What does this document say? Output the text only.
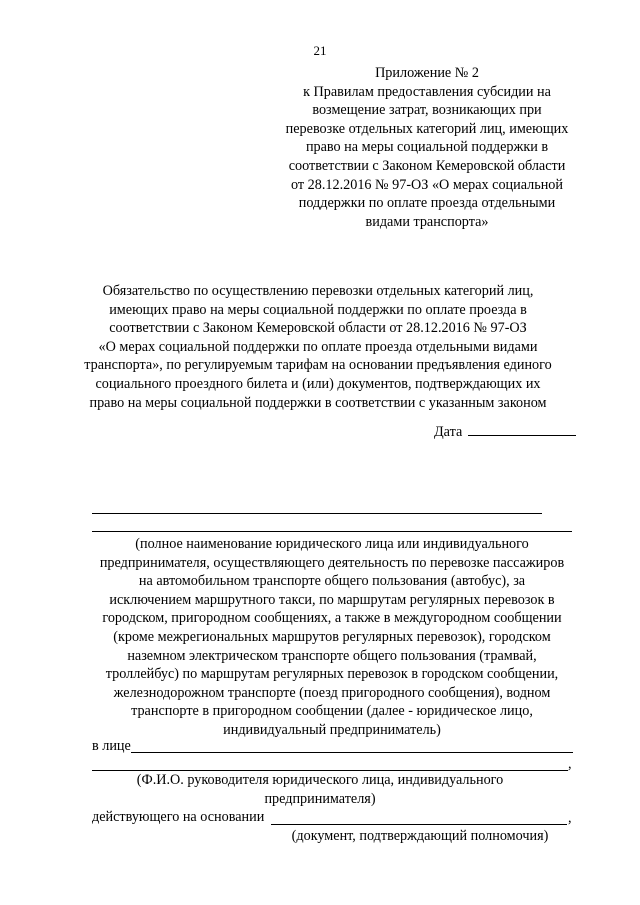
21
Приложение № 2
к Правилам предоставления субсидии на
возмещение затрат, возникающих при
перевозке отдельных категорий лиц, имеющих
право на меры социальной поддержки в
соответствии с Законом Кемеровской области
от 28.12.2016 № 97-ОЗ «О мерах социальной
поддержки по оплате проезда отдельными
видами транспорта»
Обязательство по осуществлению перевозки отдельных категорий лиц,
имеющих право на меры социальной поддержки по оплате проезда в
соответствии с Законом Кемеровской области от 28.12.2016 № 97-ОЗ
«О мерах социальной поддержки по оплате проезда отдельными видами
транспорта», по регулируемым тарифам на основании предъявления единого
социального проездного билета и (или) документов, подтверждающих их
право на меры социальной поддержки в соответствии с указанным законом
Дата
(полное наименование юридического лица или индивидуального
предпринимателя, осуществляющего деятельность по перевозке пассажиров
на автомобильном транспорте общего пользования (автобус), за
исключением маршрутного такси, по маршрутам регулярных перевозок в
городском, пригородном сообщениях, а также в междугородном сообщении
(кроме межрегиональных маршрутов регулярных перевозок), городском
наземном электрическом транспорте общего пользования (трамвай,
троллейбус) по маршрутам регулярных перевозок в городском сообщении,
железнодорожном транспорте (поезд пригородного сообщения), водном
транспорте в пригородном сообщении (далее - юридическое лицо,
индивидуальный предприниматель)
в лице
,
(Ф.И.О. руководителя юридического лица, индивидуального
предпринимателя)
действующего на основании	,
(документ, подтверждающий полномочия)
